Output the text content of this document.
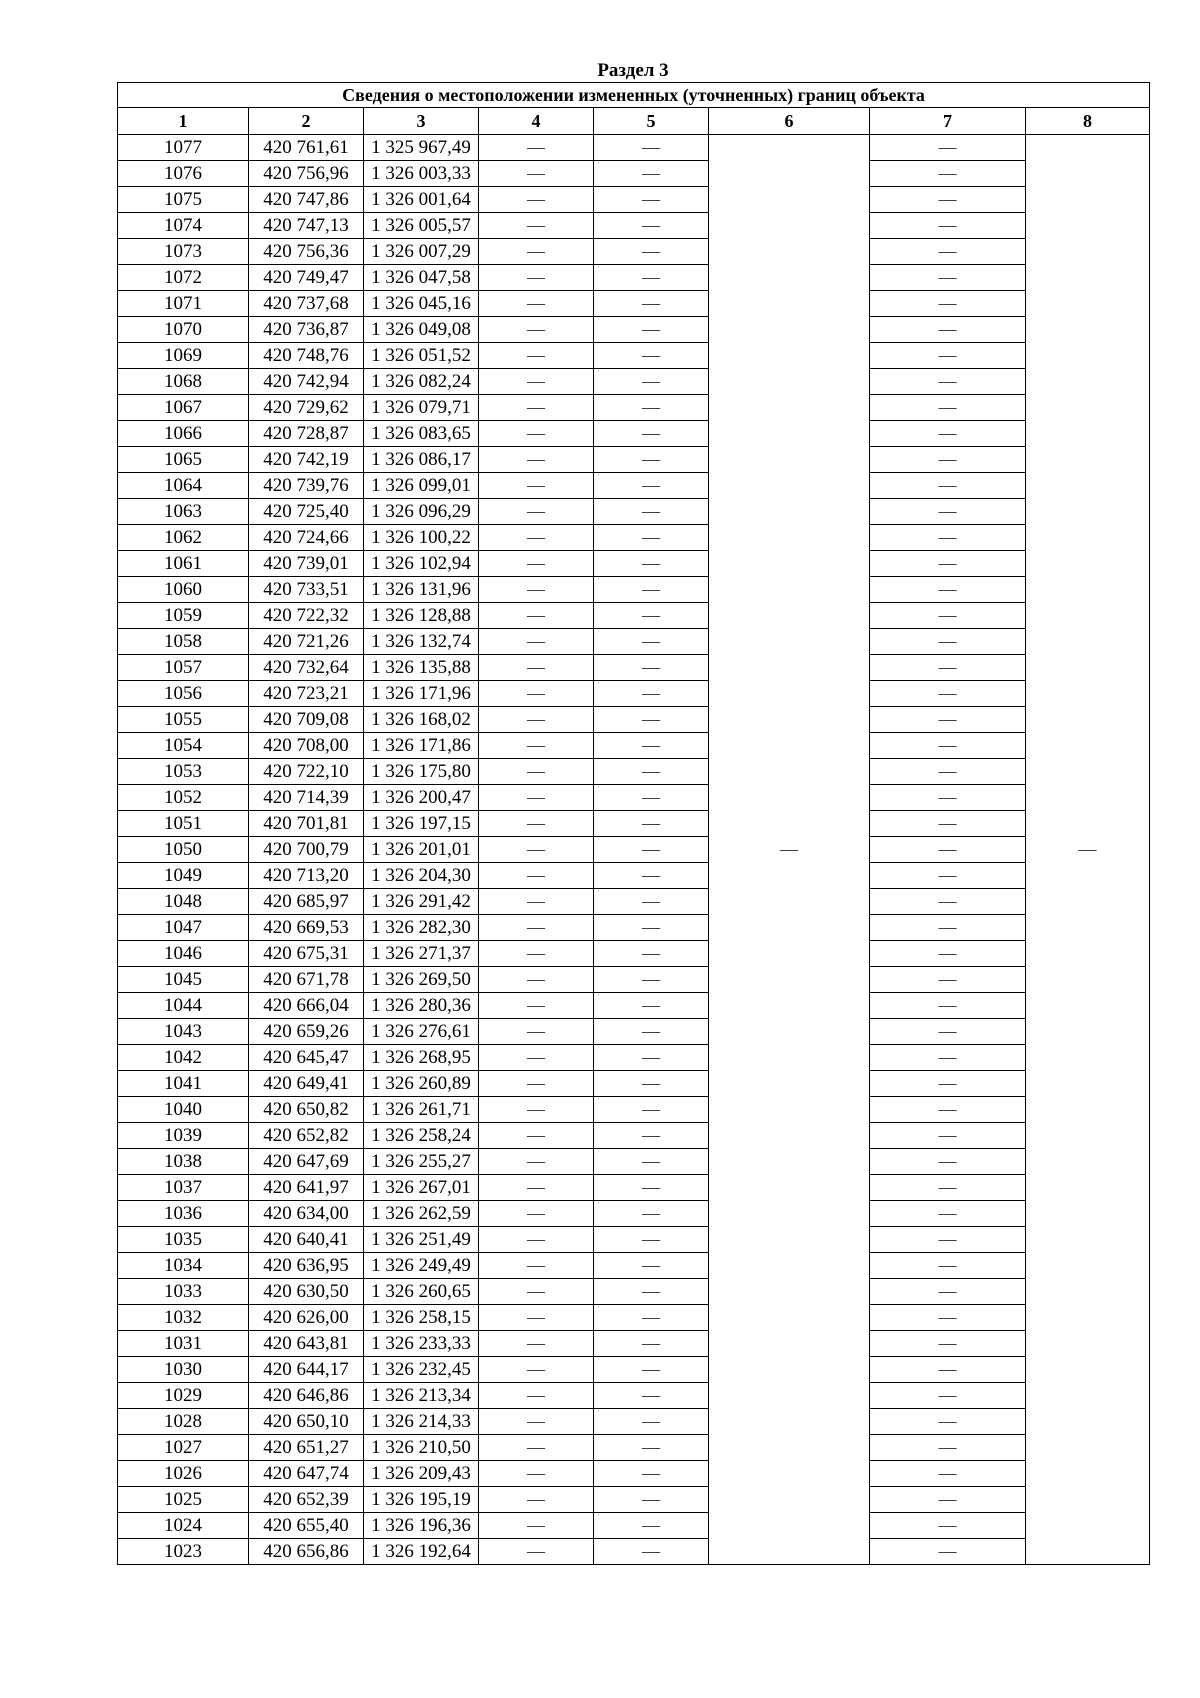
Раздел 3
Сведения о местоположении измененных (уточненных) границ объекта							
1	2	3	4	5	6	7	8
1077	420 761,61	1 325 967,49	—	—	—	—	—
1076	420 756,96	1 326 003,33	—	—		—	
1075	420 747,86	1 326 001,64	—	—		—	
1074	420 747,13	1 326 005,57	—	—		—	
1073	420 756,36	1 326 007,29	—	—		—	
1072	420 749,47	1 326 047,58	—	—		—	
1071	420 737,68	1 326 045,16	—	—		—	
1070	420 736,87	1 326 049,08	—	—		—	
1069	420 748,76	1 326 051,52	—	—		—	
1068	420 742,94	1 326 082,24	—	—		—	
1067	420 729,62	1 326 079,71	—	—		—	
1066	420 728,87	1 326 083,65	—	—		—	
1065	420 742,19	1 326 086,17	—	—		—	
1064	420 739,76	1 326 099,01	—	—		—	
1063	420 725,40	1 326 096,29	—	—		—	
1062	420 724,66	1 326 100,22	—	—		—	
1061	420 739,01	1 326 102,94	—	—		—	
1060	420 733,51	1 326 131,96	—	—		—	
1059	420 722,32	1 326 128,88	—	—		—	
1058	420 721,26	1 326 132,74	—	—		—	
1057	420 732,64	1 326 135,88	—	—		—	
1056	420 723,21	1 326 171,96	—	—		—	
1055	420 709,08	1 326 168,02	—	—		—	
1054	420 708,00	1 326 171,86	—	—		—	
1053	420 722,10	1 326 175,80	—	—		—	
1052	420 714,39	1 326 200,47	—	—		—	
1051	420 701,81	1 326 197,15	—	—		—	
1050	420 700,79	1 326 201,01	—	—		—	
1049	420 713,20	1 326 204,30	—	—		—	
1048	420 685,97	1 326 291,42	—	—		—	
1047	420 669,53	1 326 282,30	—	—		—	
1046	420 675,31	1 326 271,37	—	—		—	
1045	420 671,78	1 326 269,50	—	—		—	
1044	420 666,04	1 326 280,36	—	—		—	
1043	420 659,26	1 326 276,61	—	—		—	
1042	420 645,47	1 326 268,95	—	—		—	
1041	420 649,41	1 326 260,89	—	—		—	
1040	420 650,82	1 326 261,71	—	—		—	
1039	420 652,82	1 326 258,24	—	—		—	
1038	420 647,69	1 326 255,27	—	—		—	
1037	420 641,97	1 326 267,01	—	—		—	
1036	420 634,00	1 326 262,59	—	—		—	
1035	420 640,41	1 326 251,49	—	—		—	
1034	420 636,95	1 326 249,49	—	—		—	
1033	420 630,50	1 326 260,65	—	—		—	
1032	420 626,00	1 326 258,15	—	—		—	
1031	420 643,81	1 326 233,33	—	—		—	
1030	420 644,17	1 326 232,45	—	—		—	
1029	420 646,86	1 326 213,34	—	—		—	
1028	420 650,10	1 326 214,33	—	—		—	
1027	420 651,27	1 326 210,50	—	—		—	
1026	420 647,74	1 326 209,43	—	—		—	
1025	420 652,39	1 326 195,19	—	—		—	
1024	420 655,40	1 326 196,36	—	—		—	
1023	420 656,86	1 326 192,64	—	—		—	
